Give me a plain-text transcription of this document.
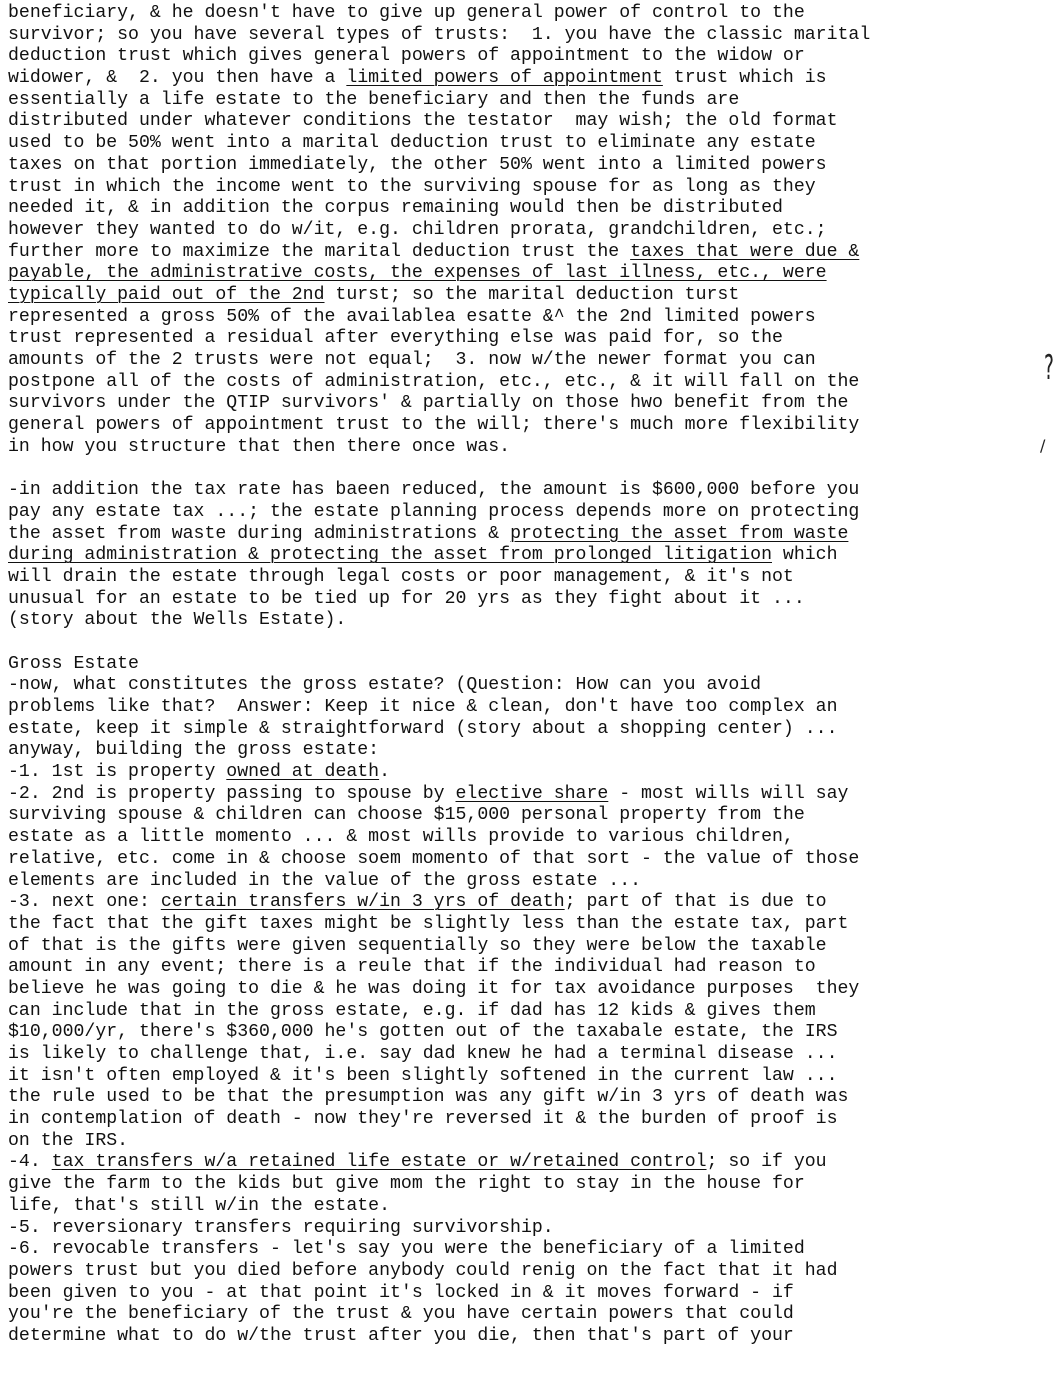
beneficiary, & he doesn't have to give up general power of control to the
survivor; so you have several types of trusts:  1. you have the classic marital
deduction trust which gives general powers of appointment to the widow or
widower, &  2. you then have a limited powers of appointment trust which is
essentially a life estate to the beneficiary and then the funds are
distributed under whatever conditions the testator  may wish; the old format
used to be 50% went into a marital deduction trust to eliminate any estate
taxes on that portion immediately, the other 50% went into a limited powers
trust in which the income went to the surviving spouse for as long as they
needed it, & in addition the corpus remaining would then be distributed
however they wanted to do w/it, e.g. children prorata, grandchildren, etc.;
further more to maximize the marital deduction trust the taxes that were due &
payable, the administrative costs, the expenses of last illness, etc., were
typically paid out of the 2nd turst; so the marital deduction turst
represented a gross 50% of the availablea esatte &^ the 2nd limited powers
trust represented a residual after everything else was paid for, so the
amounts of the 2 trusts were not equal;  3. now w/the newer format you can
postpone all of the costs of administration, etc., etc., & it will fall on the
survivors under the QTIP survivors' & partially on those hwo benefit from the
general powers of appointment trust to the will; there's much more flexibility
in how you structure that then there once was.
-in addition the tax rate has baeen reduced, the amount is $600,000 before you
pay any estate tax ...; the estate planning process depends more on protecting
the asset from waste during administrations & protecting the asset from waste
during administration & protecting the asset from prolonged litigation which
will drain the estate through legal costs or poor management, & it's not
unusual for an estate to be tied up for 20 yrs as they fight about it ...
(story about the Wells Estate).
Gross Estate
-now, what constitutes the gross estate? (Question: How can you avoid
problems like that?  Answer: Keep it nice & clean, don't have too complex an
estate, keep it simple & straightforward (story about a shopping center) ...
anyway, building the gross estate:
-1. 1st is property owned at death.
-2. 2nd is property passing to spouse by elective share - most wills will say
surviving spouse & children can choose $15,000 personal property from the
estate as a little momento ... & most wills provide to various children,
relative, etc. come in & choose soem momento of that sort - the value of those
elements are included in the value of the gross estate ...
-3. next one: certain transfers w/in 3 yrs of death; part of that is due to
the fact that the gift taxes might be slightly less than the estate tax, part
of that is the gifts were given sequentially so they were below the taxable
amount in any event; there is a reule that if the individual had reason to
believe he was going to die & he was doing it for tax avoidance purposes  they
can include that in the gross estate, e.g. if dad has 12 kids & gives them
$10,000/yr, there's $360,000 he's gotten out of the taxabale estate, the IRS
is likely to challenge that, i.e. say dad knew he had a terminal disease ...
it isn't often employed & it's been slightly softened in the current law ...
the rule used to be that the presumption was any gift w/in 3 yrs of death was
in contemplation of death - now they're reversed it & the burden of proof is
on the IRS.
-4. tax transfers w/a retained life estate or w/retained control; so if you
give the farm to the kids but give mom the right to stay in the house for
life, that's still w/in the estate.
-5. reversionary transfers requiring survivorship.
-6. revocable transfers - let's say you were the beneficiary of a limited
powers trust but you died before anybody could renig on the fact that it had
been given to you - at that point it's locked in & it moves forward - if
you're the beneficiary of the trust & you have certain powers that could
determine what to do w/the trust after you die, then that's part of your
?
/
